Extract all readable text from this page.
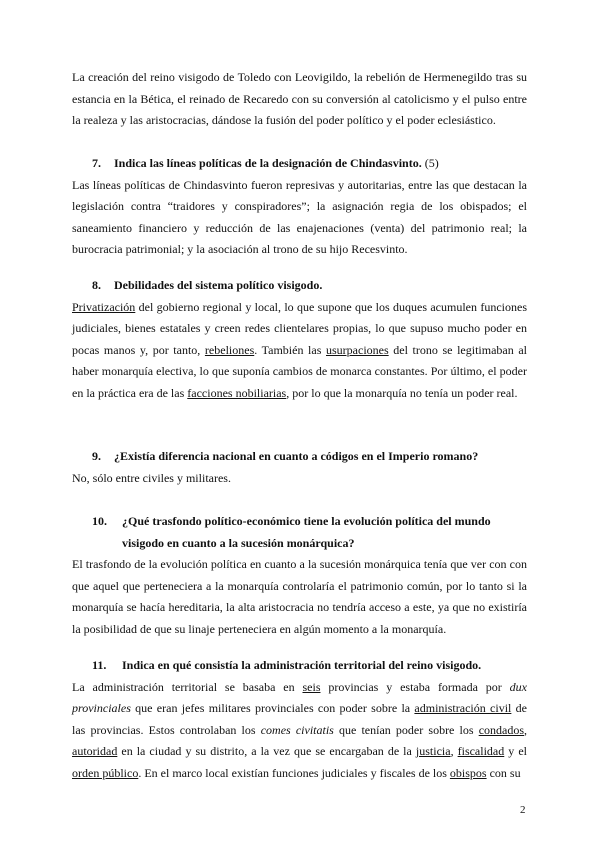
La creación del reino visigodo de Toledo con Leovigildo, la rebelión de Hermenegildo tras su estancia en la Bética, el reinado de Recaredo con su conversión al catolicismo y el pulso entre la realeza y las aristocracias, dándose la fusión del poder político y el poder eclesiástico.

7.	Indica las líneas políticas de la designación de Chindasvinto. (5)

Las líneas políticas de Chindasvinto fueron represivas y autoritarias, entre las que destacan la legislación contra “traidores y conspiradores”; la asignación regia de los obispados; el saneamiento financiero y reducción de las enajenaciones (venta) del patrimonio real; la burocracia patrimonial; y la asociación al trono de su hijo Recesvinto.

8.	Debilidades del sistema político visigodo.

Privatización del gobierno regional y local, lo que supone que los duques acumulen funciones judiciales, bienes estatales y creen redes clientelares propias, lo que supuso mucho poder en pocas manos y, por tanto, rebeliones. También las usurpaciones del trono se legitimaban al haber monarquía electiva, lo que suponía cambios de monarca constantes. Por último, el poder en la práctica era de las facciones nobiliarias, por lo que la monarquía no tenía un poder real.

9.	¿Existía diferencia nacional en cuanto a códigos en el Imperio romano?

No, sólo entre civiles y militares.

10.	¿Qué trasfondo político-económico tiene la evolución política del mundo visigodo en cuanto a la sucesión monárquica?

El trasfondo de la evolución política en cuanto a la sucesión monárquica tenía que ver con con que aquel que perteneciera a la monarquía controlaría el patrimonio común, por lo tanto si la monarquía se hacía hereditaria, la alta aristocracia no tendría acceso a este, ya que no existiría la posibilidad de que su linaje perteneciera en algún momento a la monarquía.

11.	Indica en qué consistía la administración territorial del reino visigodo.

La administración territorial se basaba en seis provincias y estaba formada por dux provinciales que eran jefes militares provinciales con poder sobre la administración civil de las provincias. Estos controlaban los comes civitatis que tenían poder sobre los condados, autoridad en la ciudad y su distrito, a la vez que se encargaban de la justicia, fiscalidad y el orden público. En el marco local existían funciones judiciales y fiscales de los obispos con su

2
